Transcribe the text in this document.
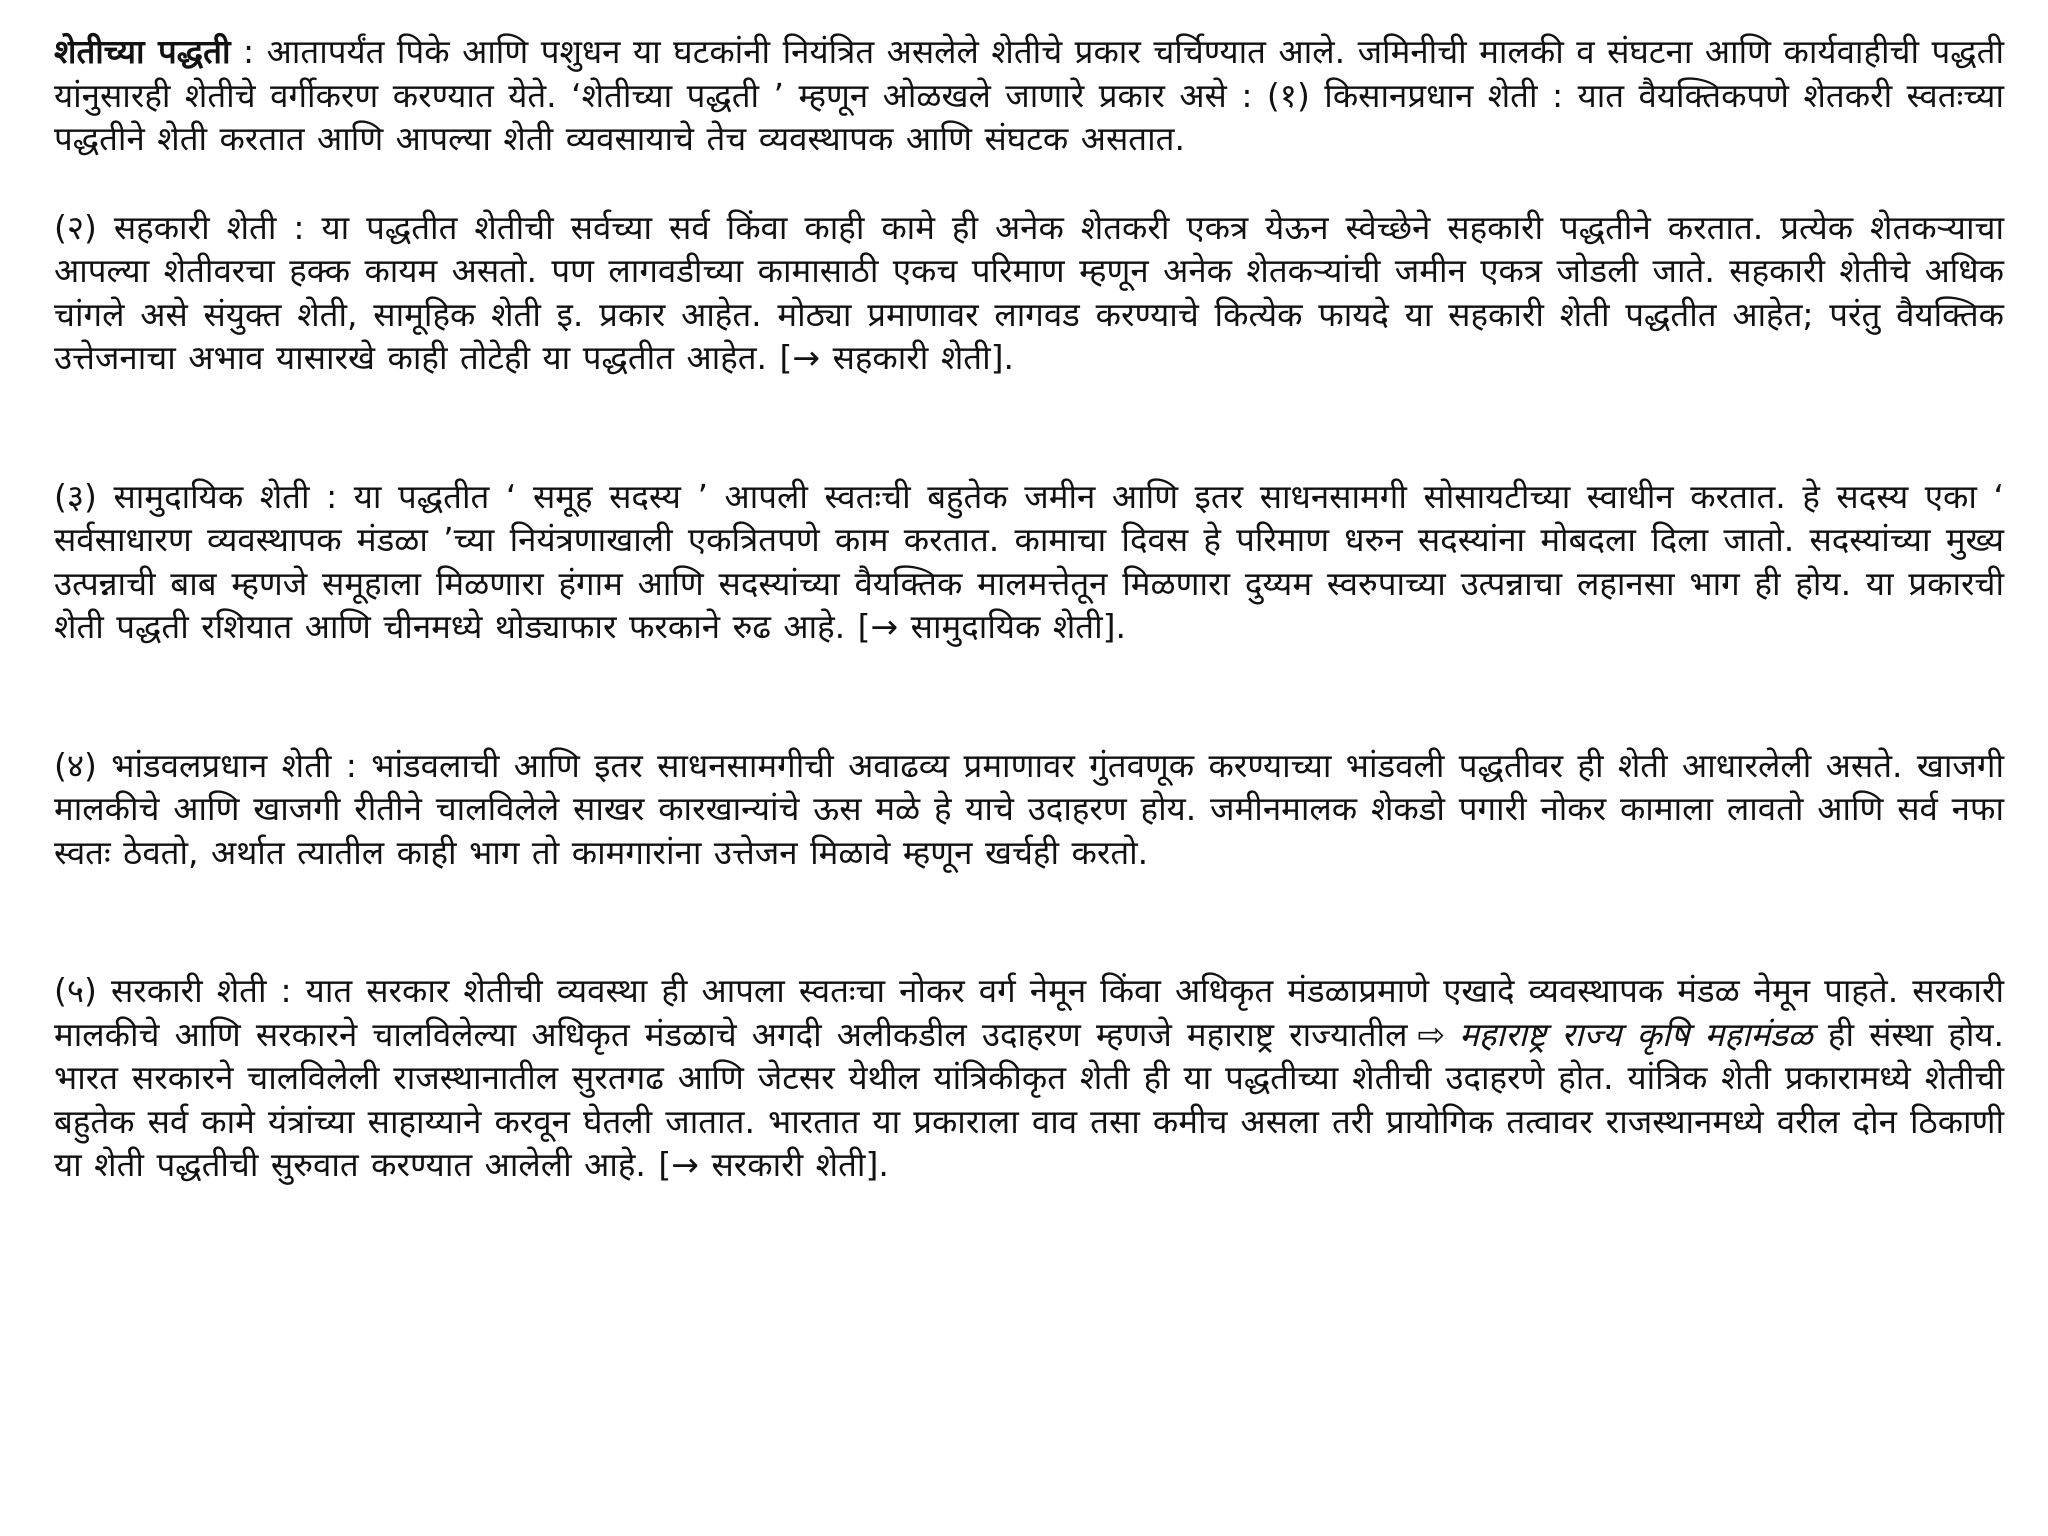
शेतीच्या पद्धती : आतापर्यंत पिके आणि पशुधन या घटकांनी नियंत्रित असलेले शेतीचे प्रकार चर्चिण्यात आले. जमिनीची मालकी व संघटना आणि कार्यवाहीची पद्धती यांनुसारही शेतीचे वर्गीकरण करण्यात येते. ‘शेतीच्या पद्धती ’ म्हणून ओळखले जाणारे प्रकार असे : (१) किसानप्रधान शेती : यात वैयक्तिकपणे शेतकरी स्वतःच्या पद्धतीने शेती करतात आणि आपल्या शेती व्यवसायाचे तेच व्यवस्थापक आणि संघटक असतात.

(२) सहकारी शेती : या पद्धतीत शेतीची सर्वच्या सर्व किंवा काही कामे ही अनेक शेतकरी एकत्र येऊन स्वेच्छेने सहकारी पद्धतीने करतात. प्रत्येक शेतकऱ्याचा आपल्या शेतीवरचा हक्क कायम असतो. पण लागवडीच्या कामासाठी एकच परिमाण म्हणून अनेक शेतकऱ्यांची जमीन एकत्र जोडली जाते. सहकारी शेतीचे अधिक चांगले असे संयुक्त शेती, सामूहिक शेती इ. प्रकार आहेत. मोठ्या प्रमाणावर लागवड करण्याचे कित्येक फायदे या सहकारी शेती पद्धतीत आहेत; परंतु वैयक्तिक उत्तेजनाचा अभाव यासारखे काही तोटेही या पद्धतीत आहेत. [→ सहकारी शेती].

(३) सामुदायिक शेती : या पद्धतीत ‘ समूह सदस्य ’ आपली स्वतःची बहुतेक जमीन आणि इतर साधनसामगी सोसायटीच्या स्वाधीन करतात. हे सदस्य एका ‘ सर्वसाधारण व्यवस्थापक मंडळा ’च्या नियंत्रणाखाली एकत्रितपणे काम करतात. कामाचा दिवस हे परिमाण धरुन सदस्यांना मोबदला दिला जातो. सदस्यांच्या मुख्य उत्पन्नाची बाब म्हणजे समूहाला मिळणारा हंगाम आणि सदस्यांच्या वैयक्तिक मालमत्तेतून मिळणारा दुय्यम स्वरुपाच्या उत्पन्नाचा लहानसा भाग ही होय. या प्रकारची शेती पद्धती रशियात आणि चीनमध्ये थोड्याफार फरकाने रुढ आहे. [→ सामुदायिक शेती].

(४) भांडवलप्रधान शेती : भांडवलाची आणि इतर साधनसामगीची अवाढव्य प्रमाणावर गुंतवणूक करण्याच्या भांडवली पद्धतीवर ही शेती आधारलेली असते. खाजगी मालकीचे आणि खाजगी रीतीने चालविलेले साखर कारखान्यांचे ऊस मळे हे याचे उदाहरण होय. जमीनमालक शेकडो पगारी नोकर कामाला लावतो आणि सर्व नफा स्वतः ठेवतो, अर्थात त्यातील काही भाग तो कामगारांना उत्तेजन मिळावे म्हणून खर्चही करतो.

(५) सरकारी शेती : यात सरकार शेतीची व्यवस्था ही आपला स्वतःचा नोकर वर्ग नेमून किंवा अधिकृत मंडळाप्रमाणे एखादे व्यवस्थापक मंडळ नेमून पाहते. सरकारी मालकीचे आणि सरकारने चालविलेल्या अधिकृत मंडळाचे अगदी अलीकडील उदाहरण म्हणजे महाराष्ट्र राज्यातील ⇨ महाराष्ट्र राज्य कृषि महामंडळ ही संस्था होय. भारत सरकारने चालविलेली राजस्थानातील सुरतगढ आणि जेटसर येथील यांत्रिकीकृत शेती ही या पद्धतीच्या शेतीची उदाहरणे होत. यांत्रिक शेती प्रकारामध्ये शेतीची बहुतेक सर्व कामे यंत्रांच्या साहाय्याने करवून घेतली जातात. भारतात या प्रकाराला वाव तसा कमीच असला तरी प्रायोगिक तत्वावर राजस्थानमध्ये वरील दोन ठिकाणी या शेती पद्धतीची सुरुवात करण्यात आलेली आहे. [→ सरकारी शेती].
